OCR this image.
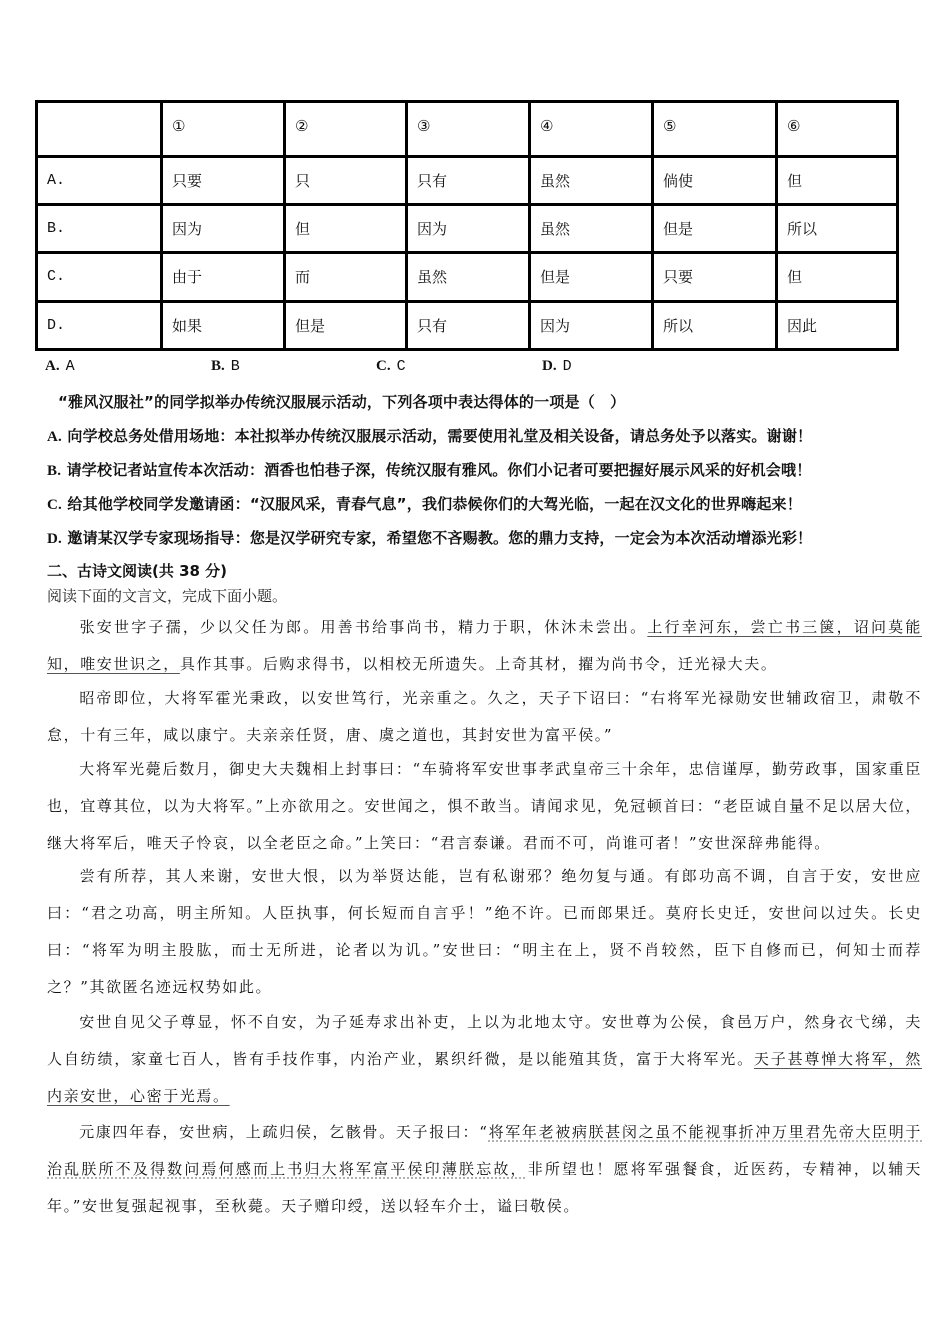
	①	②	③	④	⑤	⑥
A.	只要	只	只有	虽然	倘使	但
B.	因为	但	因为	虽然	但是	所以
C.	由于	而	虽然	但是	只要	但
D.	如果	但是	只有	因为	所以	因此
A. A	B. B	C. C	D. D
“雅风汉服社”的同学拟举办传统汉服展示活动，下列各项中表达得体的一项是（　）
A. 向学校总务处借用场地：本社拟举办传统汉服展示活动，需要使用礼堂及相关设备，请总务处予以落实。谢谢！
B. 请学校记者站宣传本次活动：酒香也怕巷子深，传统汉服有雅风。你们小记者可要把握好展示风采的好机会哦！
C. 给其他学校同学发邀请函：“汉服风采，青春气息”，我们恭候你们的大驾光临，一起在汉文化的世界嗨起来！
D. 邀请某汉学专家现场指导：您是汉学研究专家，希望您不吝赐教。您的鼎力支持，一定会为本次活动增添光彩！
二、古诗文阅读(共 38 分)
阅读下面的文言文，完成下面小题。
张安世字子孺，少以父任为郎。用善书给事尚书，精力于职，休沐未尝出。上行幸河东，尝亡书三箧，诏问莫能知，唯安世识之，具作其事。后购求得书，以相校无所遗失。上奇其材，擢为尚书令，迁光禄大夫。
昭帝即位，大将军霍光秉政，以安世笃行，光亲重之。久之，天子下诏曰：“右将军光禄勋安世辅政宿卫，肃敬不怠，十有三年，咸以康宁。夫亲亲任贤，唐、虞之道也，其封安世为富平侯。”
大将军光薨后数月，御史大夫魏相上封事曰：“车骑将军安世事孝武皇帝三十余年，忠信谨厚，勤劳政事，国家重臣也，宜尊其位，以为大将军。”上亦欲用之。安世闻之，惧不敢当。请闻求见，免冠顿首曰：“老臣诚自量不足以居大位，继大将军后，唯天子怜哀，以全老臣之命。”上笑曰：“君言泰谦。君而不可，尚谁可者！”安世深辞弗能得。
尝有所荐，其人来谢，安世大恨，以为举贤达能，岂有私谢邪？绝勿复与通。有郎功高不调，自言于安，安世应曰：“君之功高，明主所知。人臣执事，何长短而自言乎！”绝不许。已而郎果迁。莫府长史迁，安世问以过失。长史曰：“将军为明主股肱，而士无所进，论者以为讥。”安世曰：“明主在上，贤不肖较然，臣下自修而已，何知士而荐之？”其欲匿名迹远权势如此。
安世自见父子尊显，怀不自安，为子延寿求出补吏，上以为北地太守。安世尊为公侯，食邑万户，然身衣弋绨，夫人自纺绩，家童七百人，皆有手技作事，内治产业，累织纤微，是以能殖其货，富于大将军光。天子甚尊惮大将军，然内亲安世，心密于光焉。
元康四年春，安世病，上疏归侯，乞骸骨。天子报曰：“将军年老被病朕甚闵之虽不能视事折冲万里君先帝大臣明于治乱朕所不及得数问焉何感而上书归大将军富平侯印薄朕忘故，非所望也！愿将军强餐食，近医药，专精神，以辅天年。”安世复强起视事，至秋薨。天子赠印绶，送以轻车介士，谥曰敬侯。
